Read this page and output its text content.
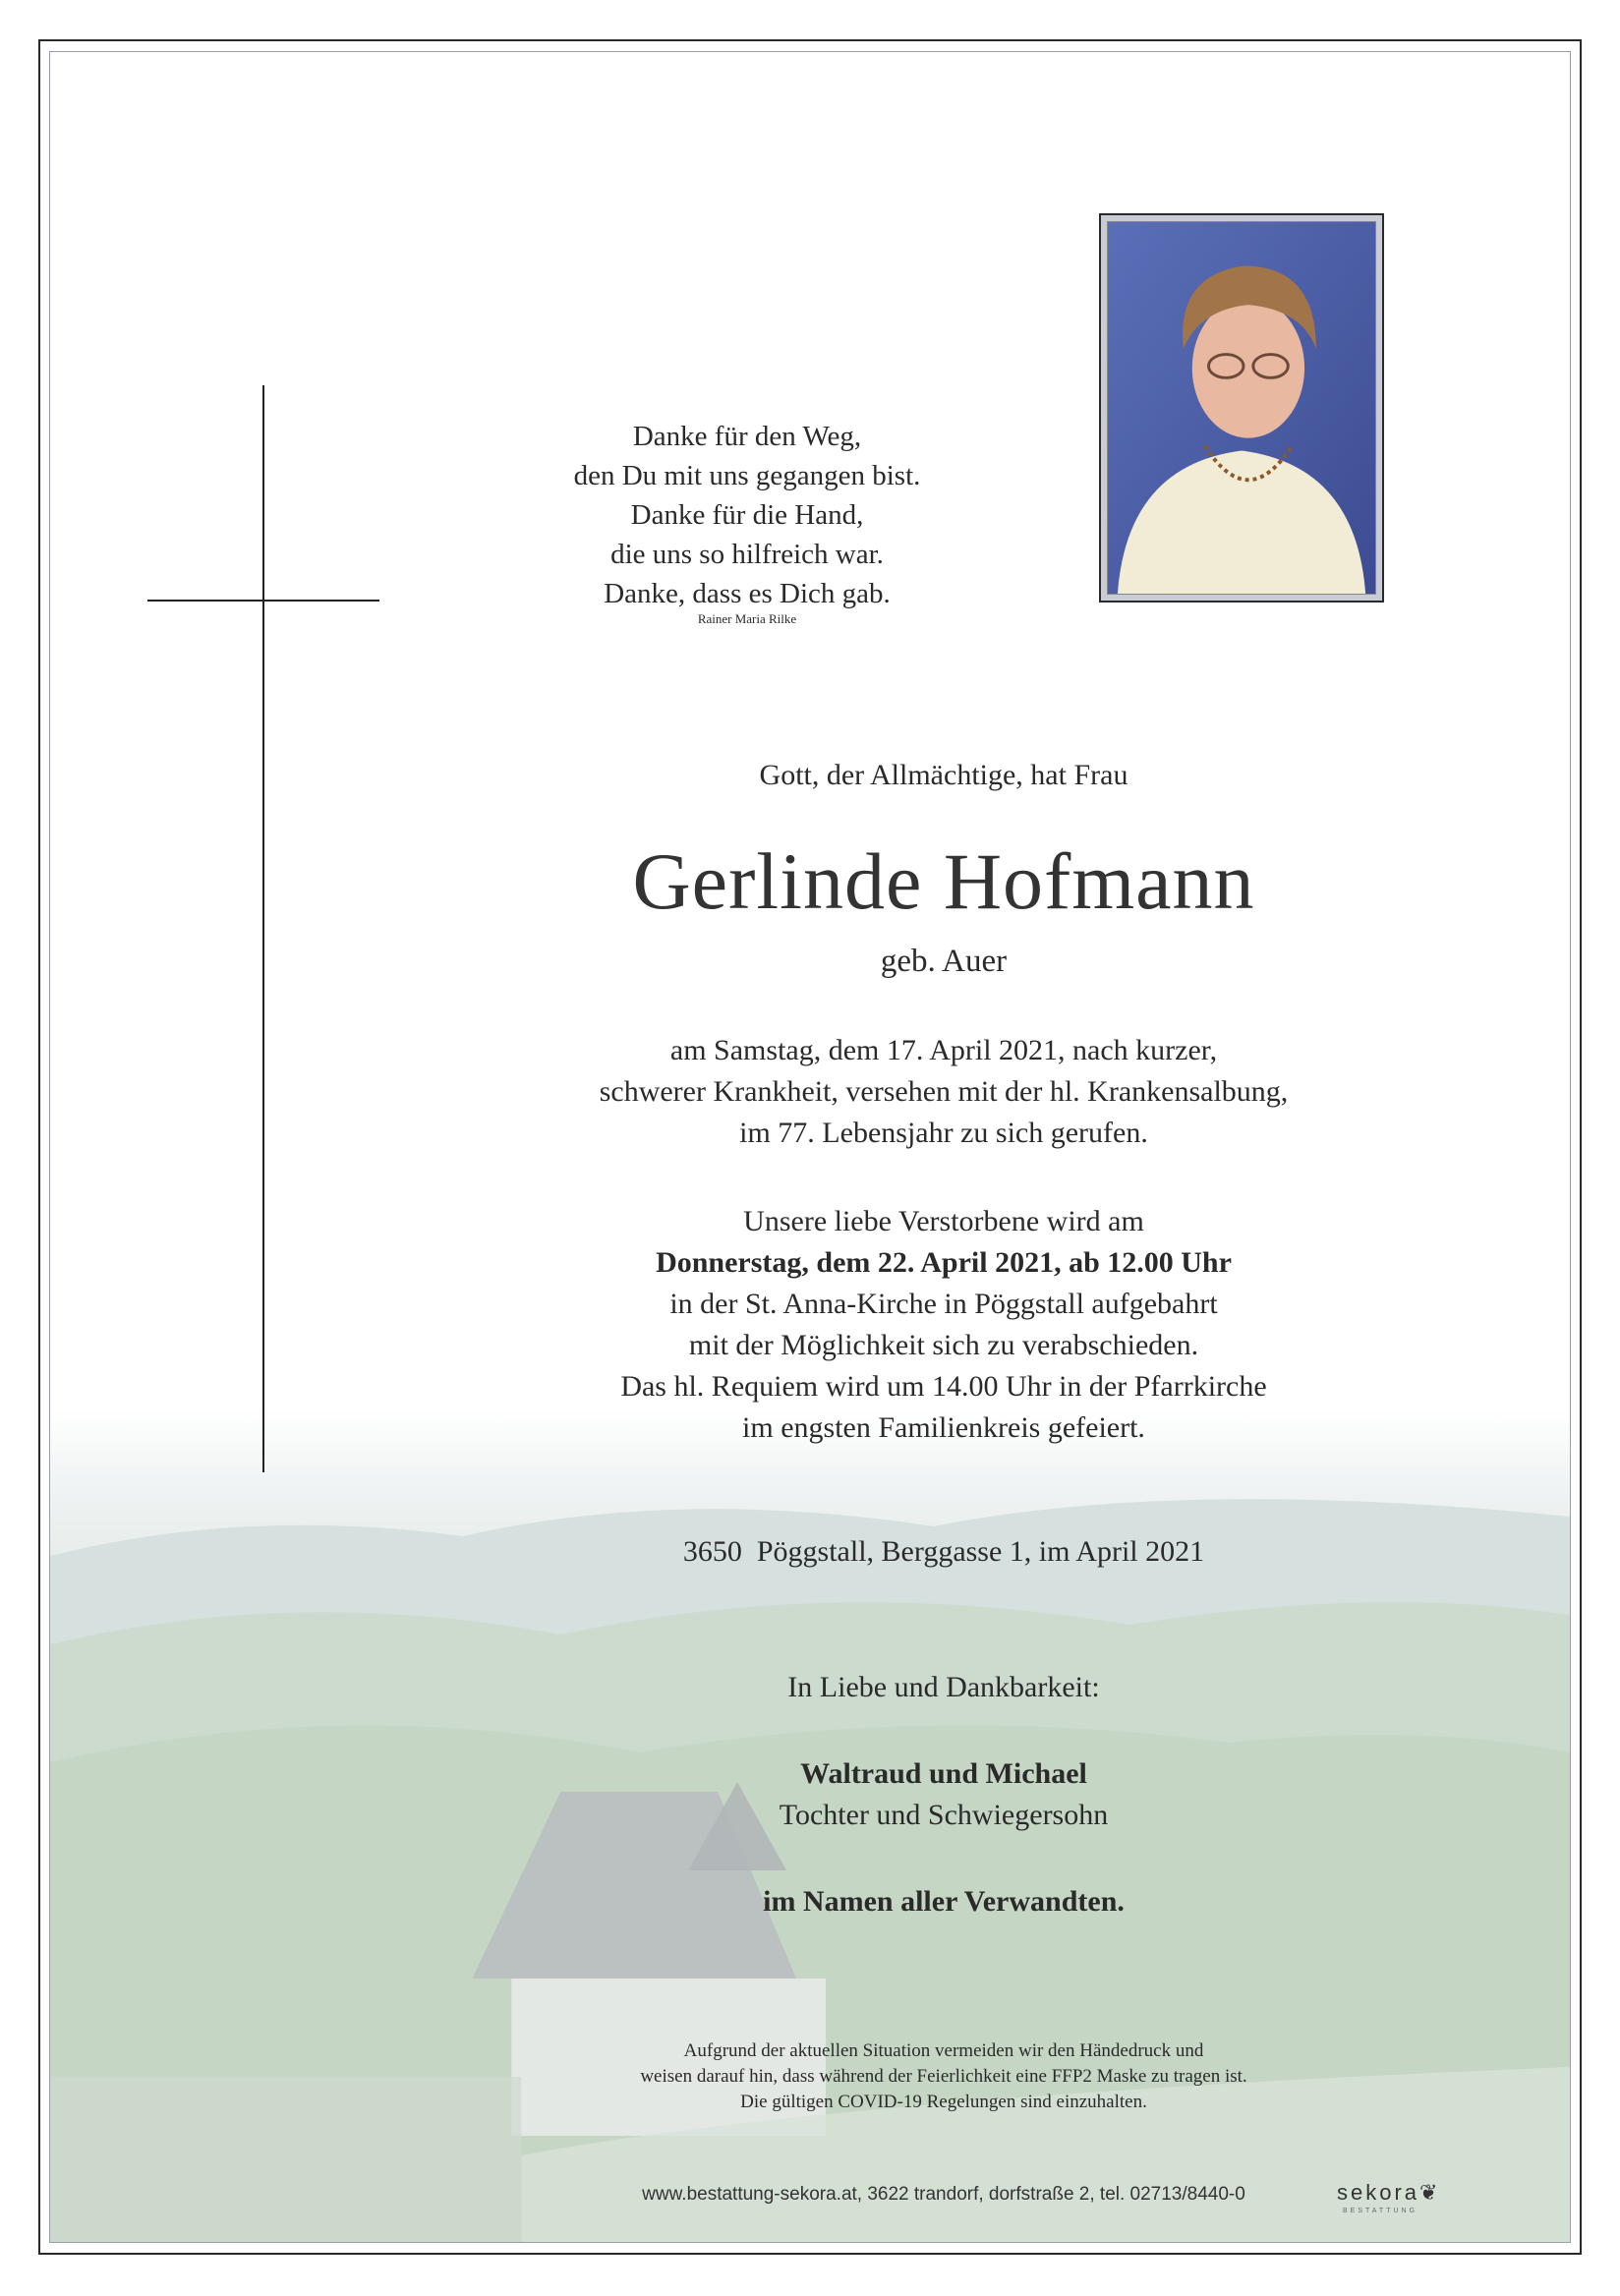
Danke für den Weg,
den Du mit uns gegangen bist.
Danke für die Hand,
die uns so hilfreich war.
Danke, dass es Dich gab.
Rainer Maria Rilke
Gott, der Allmächtige, hat Frau
Gerlinde Hofmann
geb. Auer
am Samstag, dem 17. April 2021, nach kurzer,
schwerer Krankheit, versehen mit der hl. Krankensalbung,
im 77. Lebensjahr zu sich gerufen.
Unsere liebe Verstorbene wird am
Donnerstag, dem 22. April 2021, ab 12.00 Uhr
in der St. Anna-Kirche in Pöggstall aufgebahrt
mit der Möglichkeit sich zu verabschieden.
Das hl. Requiem wird um 14.00 Uhr in der Pfarrkirche
im engsten Familienkreis gefeiert.
3650  Pöggstall, Berggasse 1, im April 2021
In Liebe und Dankbarkeit:
Waltraud und Michael
Tochter und Schwiegersohn
im Namen aller Verwandten.
Aufgrund der aktuellen Situation vermeiden wir den Händedruck und
weisen darauf hin, dass während der Feierlichkeit eine FFP2 Maske zu tragen ist.
Die gültigen COVID-19 Regelungen sind einzuhalten.
www.bestattung-sekora.at, 3622 trandorf, dorfstraße 2, tel. 02713/8440-0	sekora❦
BESTATTUNG
